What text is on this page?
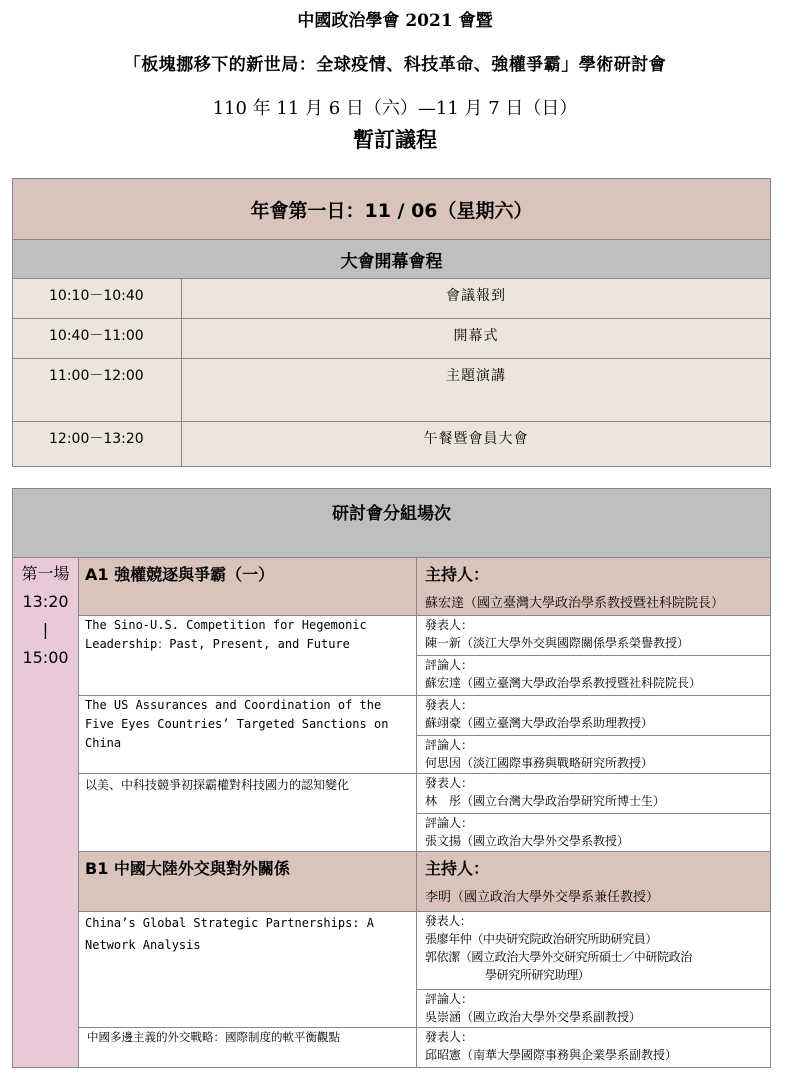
中國政治學會 2021 會暨
「板塊挪移下的新世局：全球疫情、科技革命、強權爭霸」學術研討會
110 年 11 月 6 日（六）—11 月 7 日（日）
暫訂議程
年會第一日：11 / 06（星期六）	
大會開幕會程	
10:10－10:40	會議報到
10:40－11:00	開幕式
11:00－12:00	主題演講
12:00－13:20	午餐暨會員大會
研討會分組場次		
第一場
13:20
|
15:00	A1 強權競逐與爭霸（一）	主持人：
蘇宏達（國立臺灣大學政治學系教授暨社科院院長）

	The Sino-U.S. Competition for Hegemonic Leadership：Past, Present, and Future	發表人：
陳一新（淡江大學外交與國際關係學系榮譽教授）

		評論人：
蘇宏達（國立臺灣大學政治學系教授暨社科院院長）

	The US Assurances and Coordination of the Five Eyes Countries’ Targeted Sanctions on China	發表人：
蘇翊豪（國立臺灣大學政治學系助理教授）

		評論人：
何思因（淡江國際事務與戰略研究所教授）

	以美、中科技競爭初探霸權對科技國力的認知變化	發表人：
林　彤（國立台灣大學政治學研究所博士生）

		評論人：
張文揚（國立政治大學外交學系教授）

	B1 中國大陸外交與對外關係	主持人：
李明（國立政治大學外交學系兼任教授）

	China’s Global Strategic Partnerships: A Network Analysis	發表人：
張廖年仲（中央研究院政治研究所助研究員）
郭依潔（國立政治大學外交研究所碩士／中研院政治
學研究所研究助理）

		評論人：
吳崇涵（國立政治大學外交學系副教授）

	中國多邊主義的外交戰略：國際制度的軟平衡觀點	發表人：
邱昭憲（南華大學國際事務與企業學系副教授）
